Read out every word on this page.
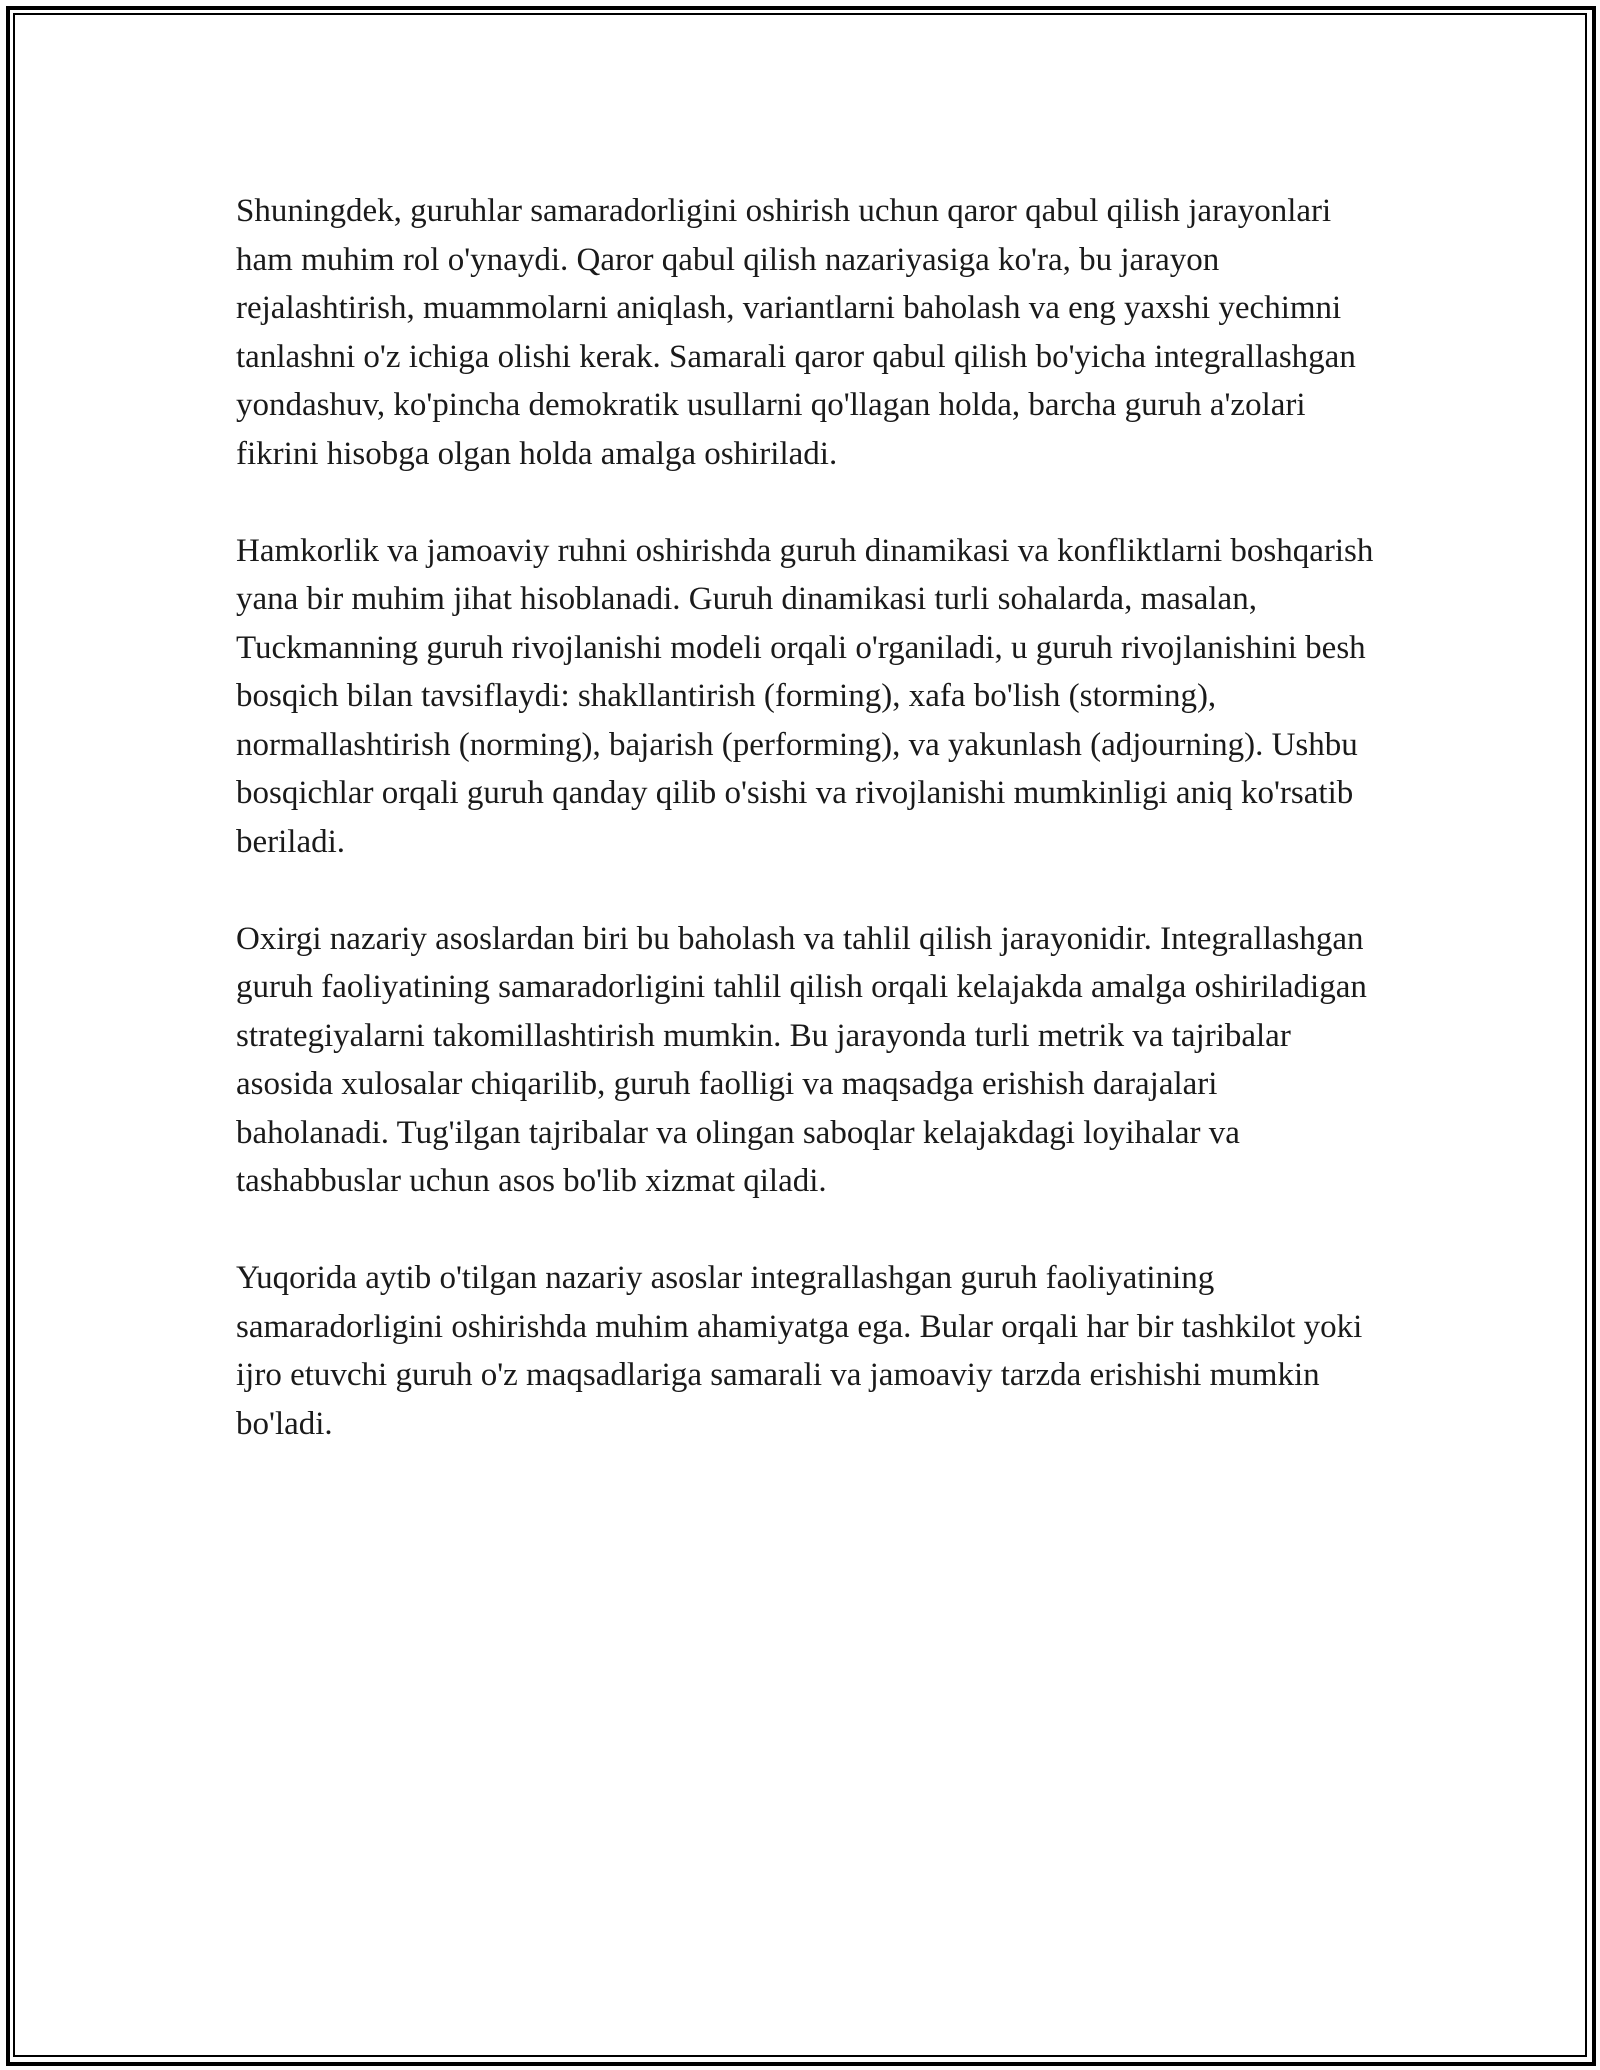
Shuningdek, guruhlar samaradorligini oshirish uchun qaror qabul qilish jarayonlari ham muhim rol o'ynaydi. Qaror qabul qilish nazariyasiga ko'ra, bu jarayon rejalashtirish, muammolarni aniqlash, variantlarni baholash va eng yaxshi yechimni tanlashni o'z ichiga olishi kerak. Samarali qaror qabul qilish bo'yicha integrallashgan yondashuv, ko'pincha demokratik usullarni qo'llagan holda, barcha guruh a'zolari fikrini hisobga olgan holda amalga oshiriladi.

Hamkorlik va jamoaviy ruhni oshirishda guruh dinamikasi va konfliktlarni boshqarish yana bir muhim jihat hisoblanadi. Guruh dinamikasi turli sohalarda, masalan, Tuckmanning guruh rivojlanishi modeli orqali o'rganiladi, u guruh rivojlanishini besh bosqich bilan tavsiflaydi: shakllantirish (forming), xafa bo'lish (storming), normallashtirish (norming), bajarish (performing), va yakunlash (adjourning). Ushbu bosqichlar orqali guruh qanday qilib o'sishi va rivojlanishi mumkinligi aniq ko'rsatib beriladi.

Oxirgi nazariy asoslardan biri bu baholash va tahlil qilish jarayonidir. Integrallashgan guruh faoliyatining samaradorligini tahlil qilish orqali kelajakda amalga oshiriladigan strategiyalarni takomillashtirish mumkin. Bu jarayonda turli metrik va tajribalar asosida xulosalar chiqarilib, guruh faolligi va maqsadga erishish darajalari baholanadi. Tug'ilgan tajribalar va olingan saboqlar kelajakdagi loyihalar va tashabbuslar uchun asos bo'lib xizmat qiladi.

Yuqorida aytib o'tilgan nazariy asoslar integrallashgan guruh faoliyatining samaradorligini oshirishda muhim ahamiyatga ega. Bular orqali har bir tashkilot yoki ijro etuvchi guruh o'z maqsadlariga samarali va jamoaviy tarzda erishishi mumkin bo'ladi.
